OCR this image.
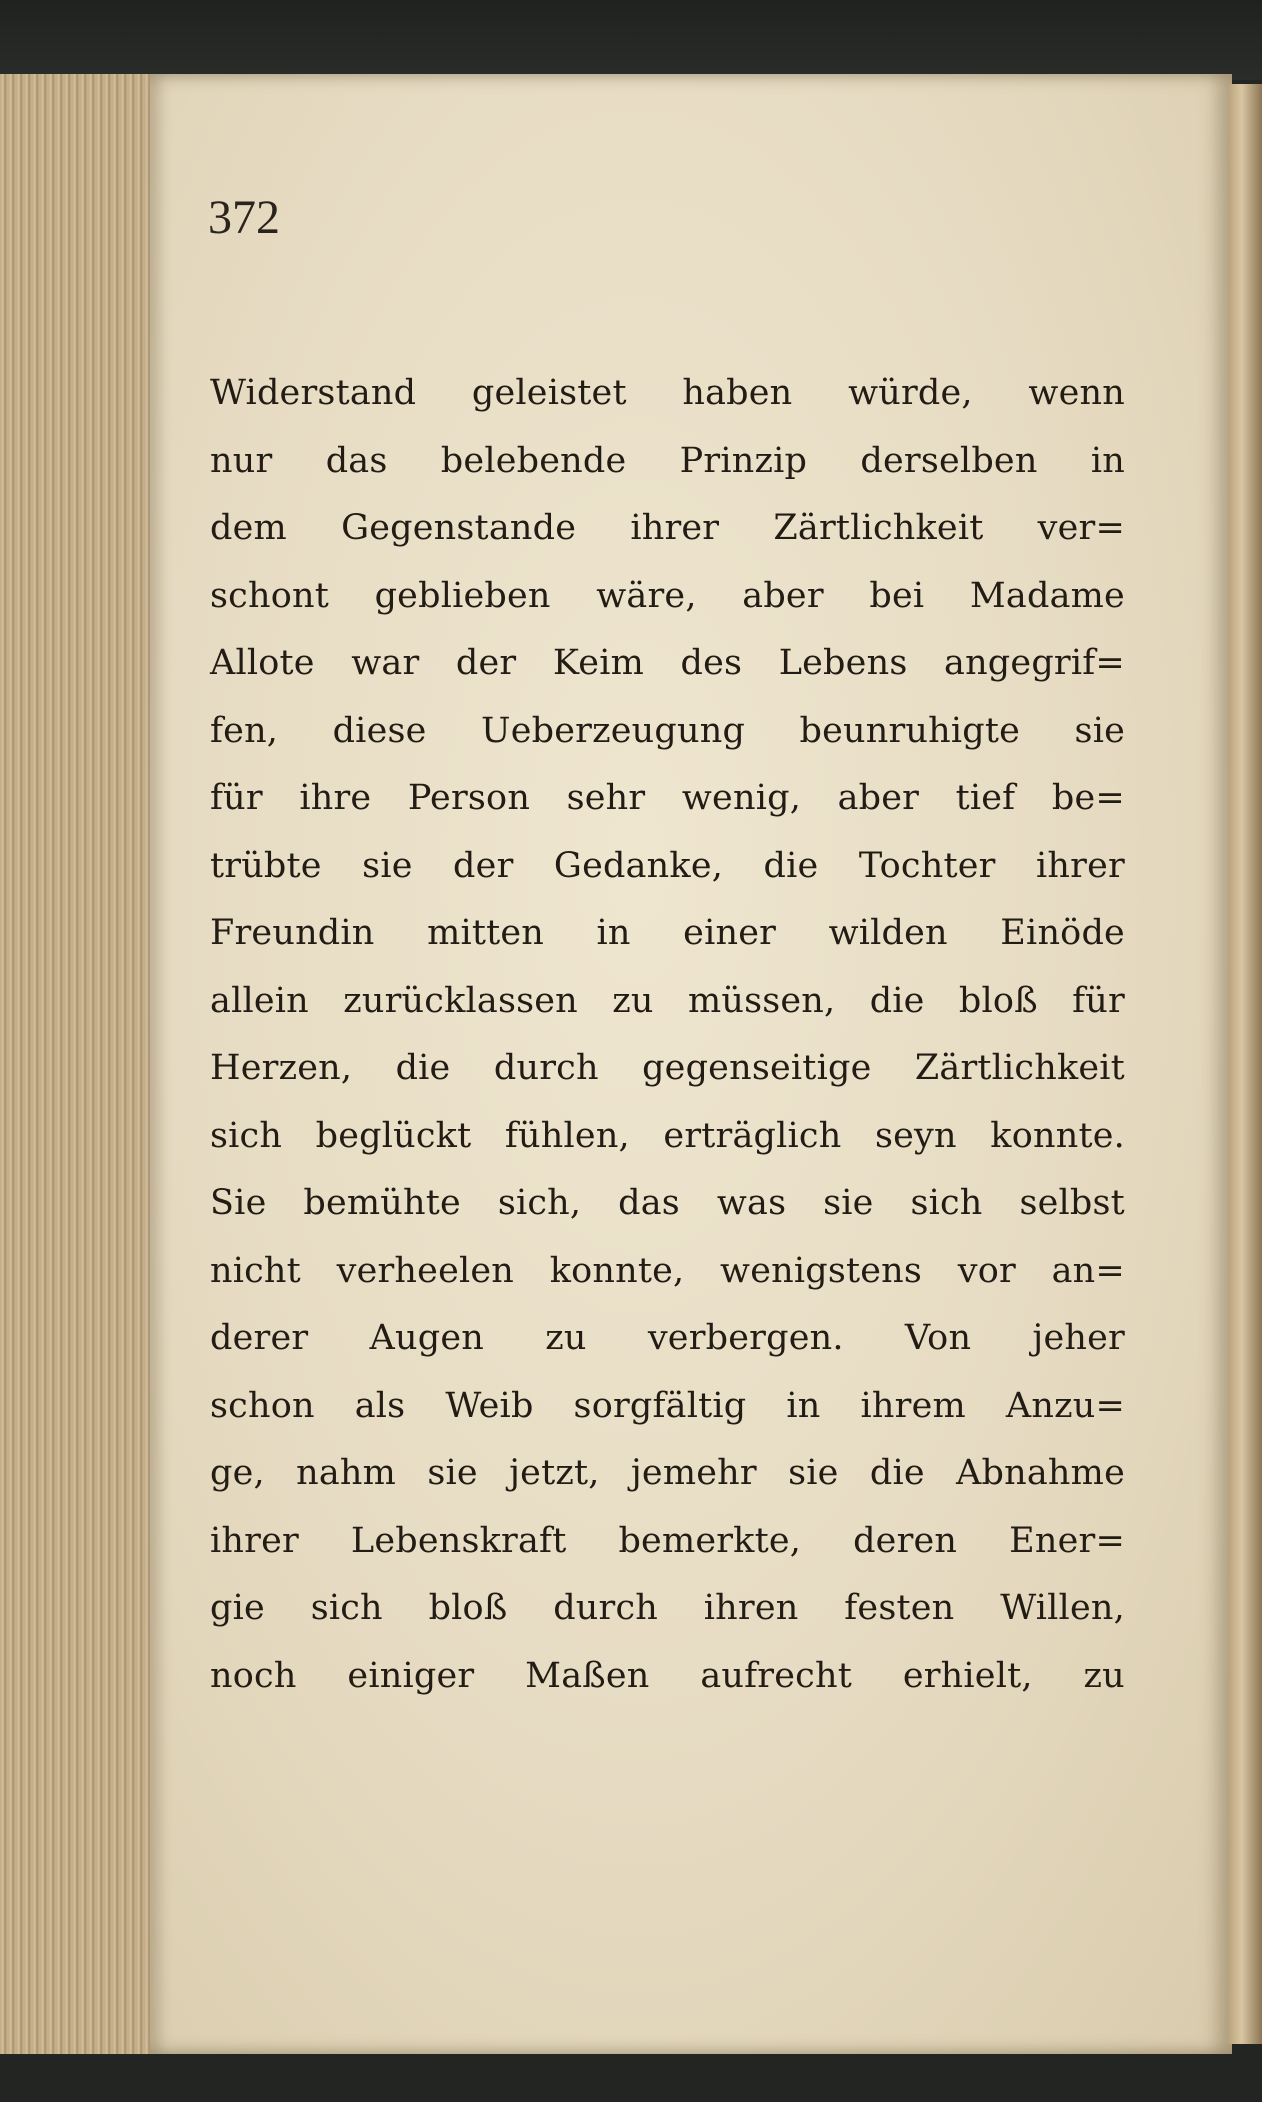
372

Widerstand geleistet haben würde, wenn
nur das belebende Prinzip derselben in
dem Gegenstande ihrer Zärtlichkeit ver=
schont geblieben wäre, aber bei Madame
Allote war der Keim des Lebens angegrif=
fen, diese Ueberzeugung beunruhigte sie
für ihre Person sehr wenig, aber tief be=
trübte sie der Gedanke, die Tochter ihrer
Freundin mitten in einer wilden Einöde
allein zurücklassen zu müssen, die bloß für
Herzen, die durch gegenseitige Zärtlichkeit
sich beglückt fühlen, erträglich seyn konnte.
Sie bemühte sich, das was sie sich selbst
nicht verheelen konnte, wenigstens vor an=
derer Augen zu verbergen. Von jeher
schon als Weib sorgfältig in ihrem Anzu=
ge, nahm sie jetzt, jemehr sie die Abnahme
ihrer Lebenskraft bemerkte, deren Ener=
gie sich bloß durch ihren festen Willen,
noch einiger Maßen aufrecht erhielt, zu
